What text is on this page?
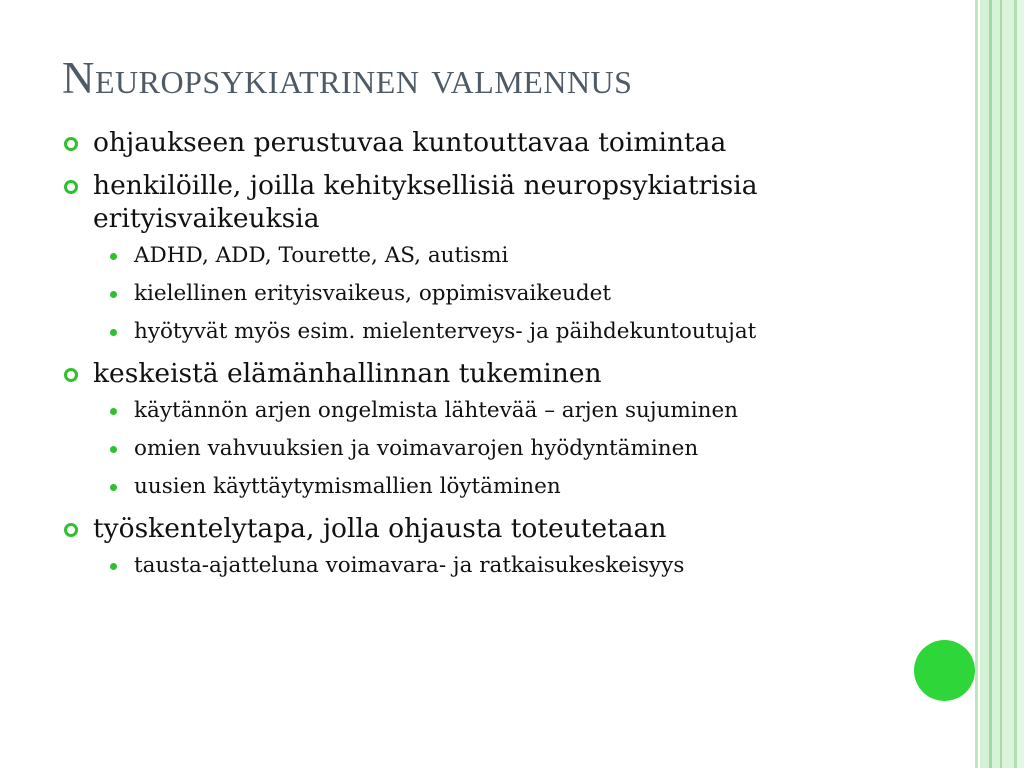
Neuropsykiatrinen valmennus
ohjaukseen perustuvaa kuntouttavaa toimintaa
henkilöille, joilla kehityksellisiä neuropsykiatrisia erityisvaikeuksia
ADHD, ADD, Tourette, AS, autismi
kielellinen erityisvaikeus, oppimisvaikeudet
hyötyvät myös esim. mielenterveys- ja päihdekuntoutujat
keskeistä elämänhallinnan tukeminen
käytännön arjen ongelmista lähtevää – arjen sujuminen
omien vahvuuksien ja voimavarojen hyödyntäminen
uusien käyttäytymismallien löytäminen
työskentelytapa, jolla ohjausta toteutetaan
tausta-ajatteluna voimavara- ja ratkaisukeskeisyys
